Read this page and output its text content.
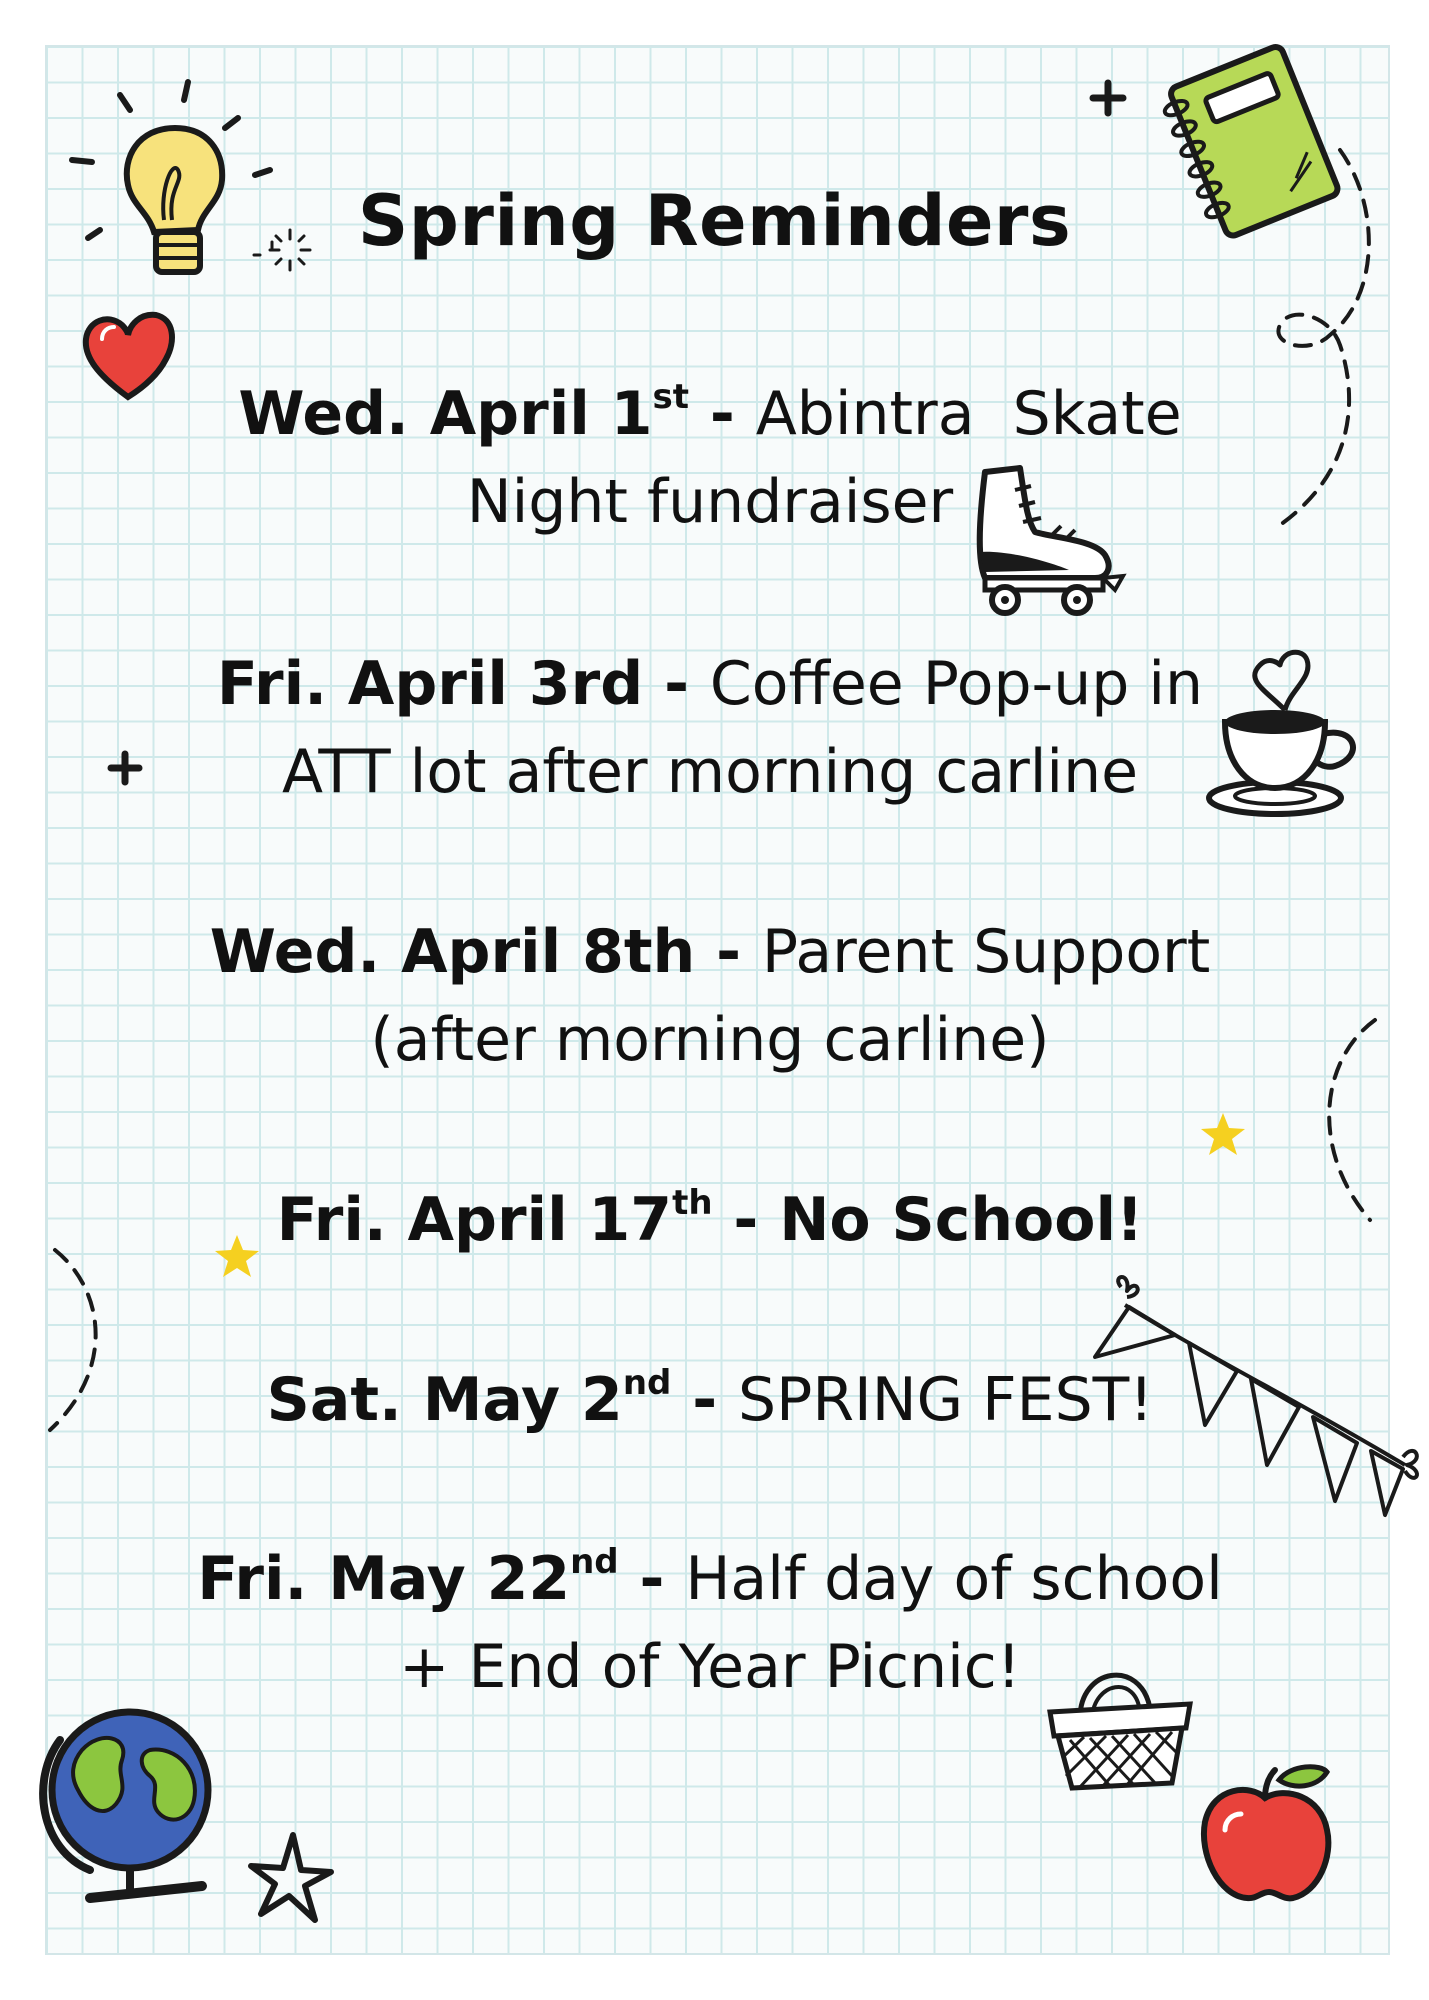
Spring Reminders
Wed. April 1st - Abintra  Skate
Night fundraiser
Fri. April 3rd - Coffee Pop-up in
ATT lot after morning carline
Wed. April 8th - Parent Support
(after morning carline)
Fri. April 17th - No School!
Sat. May 2nd - SPRING FEST!
Fri. May 22nd - Half day of school
+ End of Year Picnic!
